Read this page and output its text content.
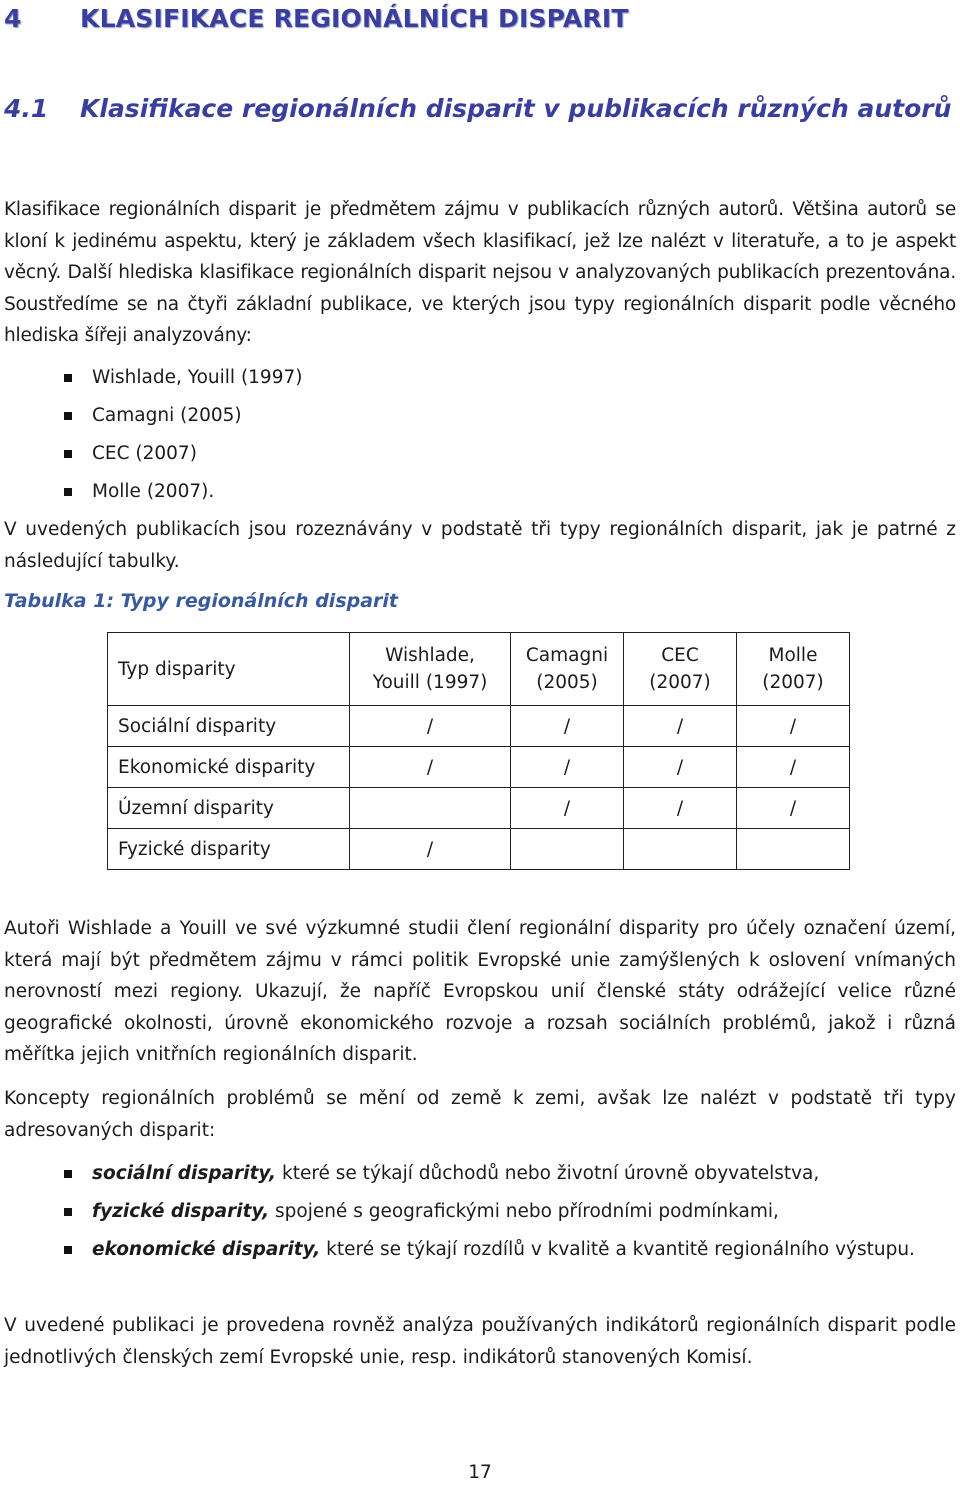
4 KLASIFIKACE REGIONÁLNÍCH DISPARIT
4.1 Klasifikace regionálních disparit v publikacích různých autorů

Klasifikace regionálních disparit je předmětem zájmu v publikacích různých autorů. Většina autorů se kloní k jedinému aspektu, který je základem všech klasifikací, jež lze nalézt v literatuře, a to je aspekt věcný. Další hlediska klasifikace regionálních disparit nejsou v analyzovaných publikacích prezentována. Soustředíme se na čtyři základní publikace, ve kterých jsou typy regionálních disparit podle věcného hlediska šířeji analyzovány:

Wishlade, Youill (1997)
Camagni (2005)
CEC (2007)
Molle (2007).

V uvedených publikacích jsou rozeznávány v podstatě tři typy regionálních disparit, jak je patrné z následující tabulky.

Tabulka 1: Typy regionálních disparit

Typ disparity	Wishlade, Youill (1997)	Camagni (2005)	CEC (2007)	Molle (2007)
Sociální disparity	/	/	/	/
Ekonomické disparity	/	/	/	/
Územní disparity		/	/	/
Fyzické disparity	/			

Autoři Wishlade a Youill ve své výzkumné studii člení regionální disparity pro účely označení území, která mají být předmětem zájmu v rámci politik Evropské unie zamýšlených k oslovení vnímaných nerovností mezi regiony. Ukazují, že napříč Evropskou unií členské státy odrážející velice různé geografické okolnosti, úrovně ekonomického rozvoje a rozsah sociálních problémů, jakož i různá měřítka jejich vnitřních regionálních disparit.

Koncepty regionálních problémů se mění od země k zemi, avšak lze nalézt v podstatě tři typy adresovaných disparit:

sociální disparity, které se týkají důchodů nebo životní úrovně obyvatelstva,
fyzické disparity, spojené s geografickými nebo přírodními podmínkami,
ekonomické disparity, které se týkají rozdílů v kvalitě a kvantitě regionálního výstupu.

V uvedené publikaci je provedena rovněž analýza používaných indikátorů regionálních disparit podle jednotlivých členských zemí Evropské unie, resp. indikátorů stanovených Komisí.

17
